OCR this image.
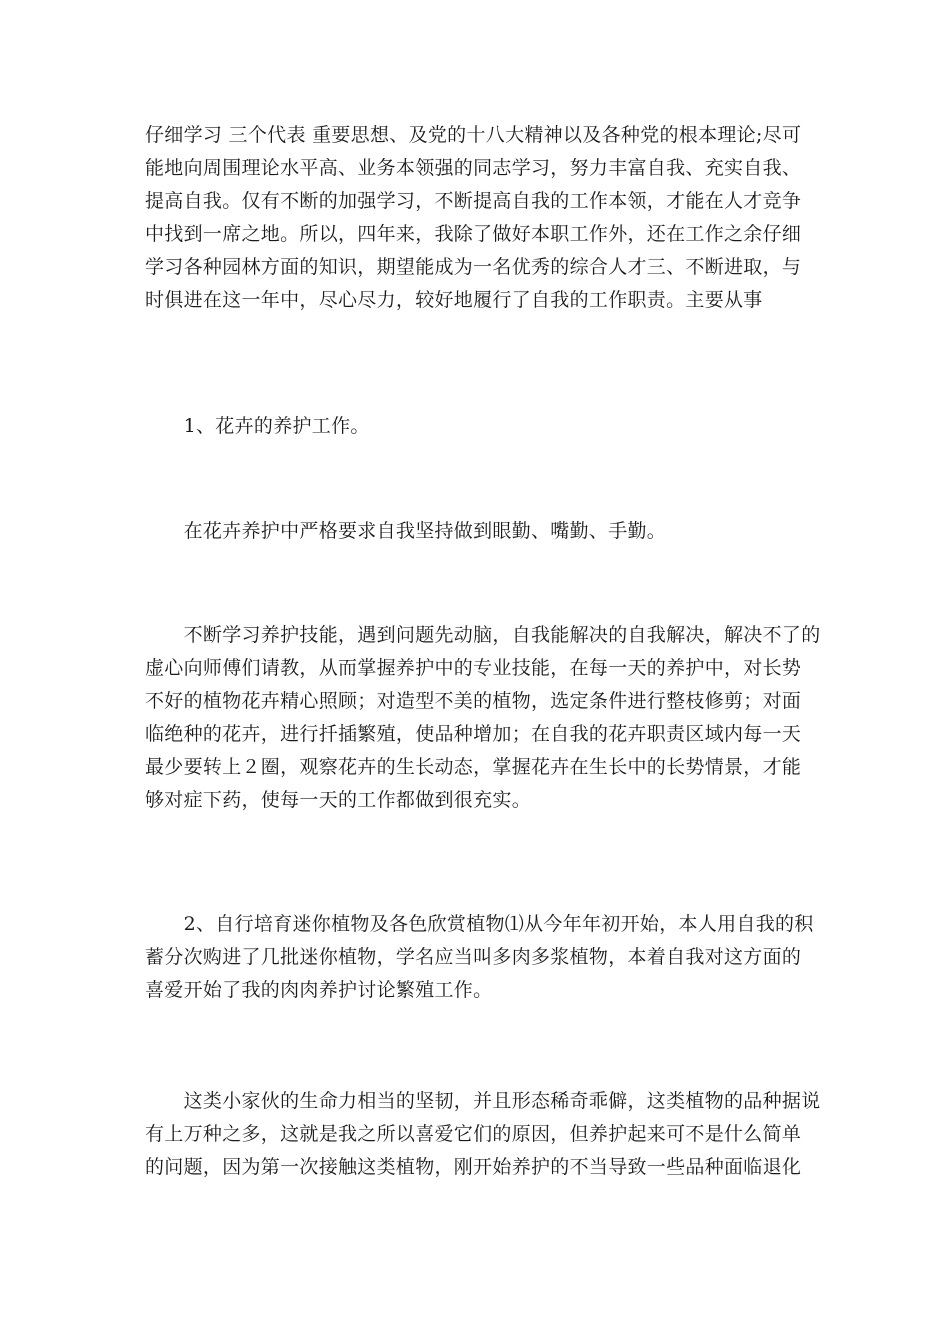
仔细学习 三个代表 重要思想、及党的十八大精神以及各种党的根本理论;尽可
能地向周围理论水平高、业务本领强的同志学习，努力丰富自我、充实自我、
提高自我。仅有不断的加强学习，不断提高自我的工作本领，才能在人才竞争
中找到一席之地。所以，四年来，我除了做好本职工作外，还在工作之余仔细
学习各种园林方面的知识，期望能成为一名优秀的综合人才三、不断进取，与
时俱进在这一年中，尽心尽力，较好地履行了自我的工作职责。主要从事
　　1、花卉的养护工作。
　　在花卉养护中严格要求自我坚持做到眼勤、嘴勤、手勤。
　　不断学习养护技能，遇到问题先动脑，自我能解决的自我解决，解决不了的
虚心向师傅们请教，从而掌握养护中的专业技能，在每一天的养护中，对长势
不好的植物花卉精心照顾；对造型不美的植物，选定条件进行整枝修剪；对面
临绝种的花卉，进行扦插繁殖，使品种增加；在自我的花卉职责区域内每一天
最少要转上２圈，观察花卉的生长动态，掌握花卉在生长中的长势情景，才能
够对症下药，使每一天的工作都做到很充实。
　　2、自行培育迷你植物及各色欣赏植物⑴从今年年初开始，本人用自我的积
蓄分次购进了几批迷你植物，学名应当叫多肉多浆植物，本着自我对这方面的
喜爱开始了我的肉肉养护讨论繁殖工作。
　　这类小家伙的生命力相当的坚韧，并且形态稀奇乖僻，这类植物的品种据说
有上万种之多，这就是我之所以喜爱它们的原因，但养护起来可不是什么简单
的问题，因为第一次接触这类植物，刚开始养护的不当导致一些品种面临退化
